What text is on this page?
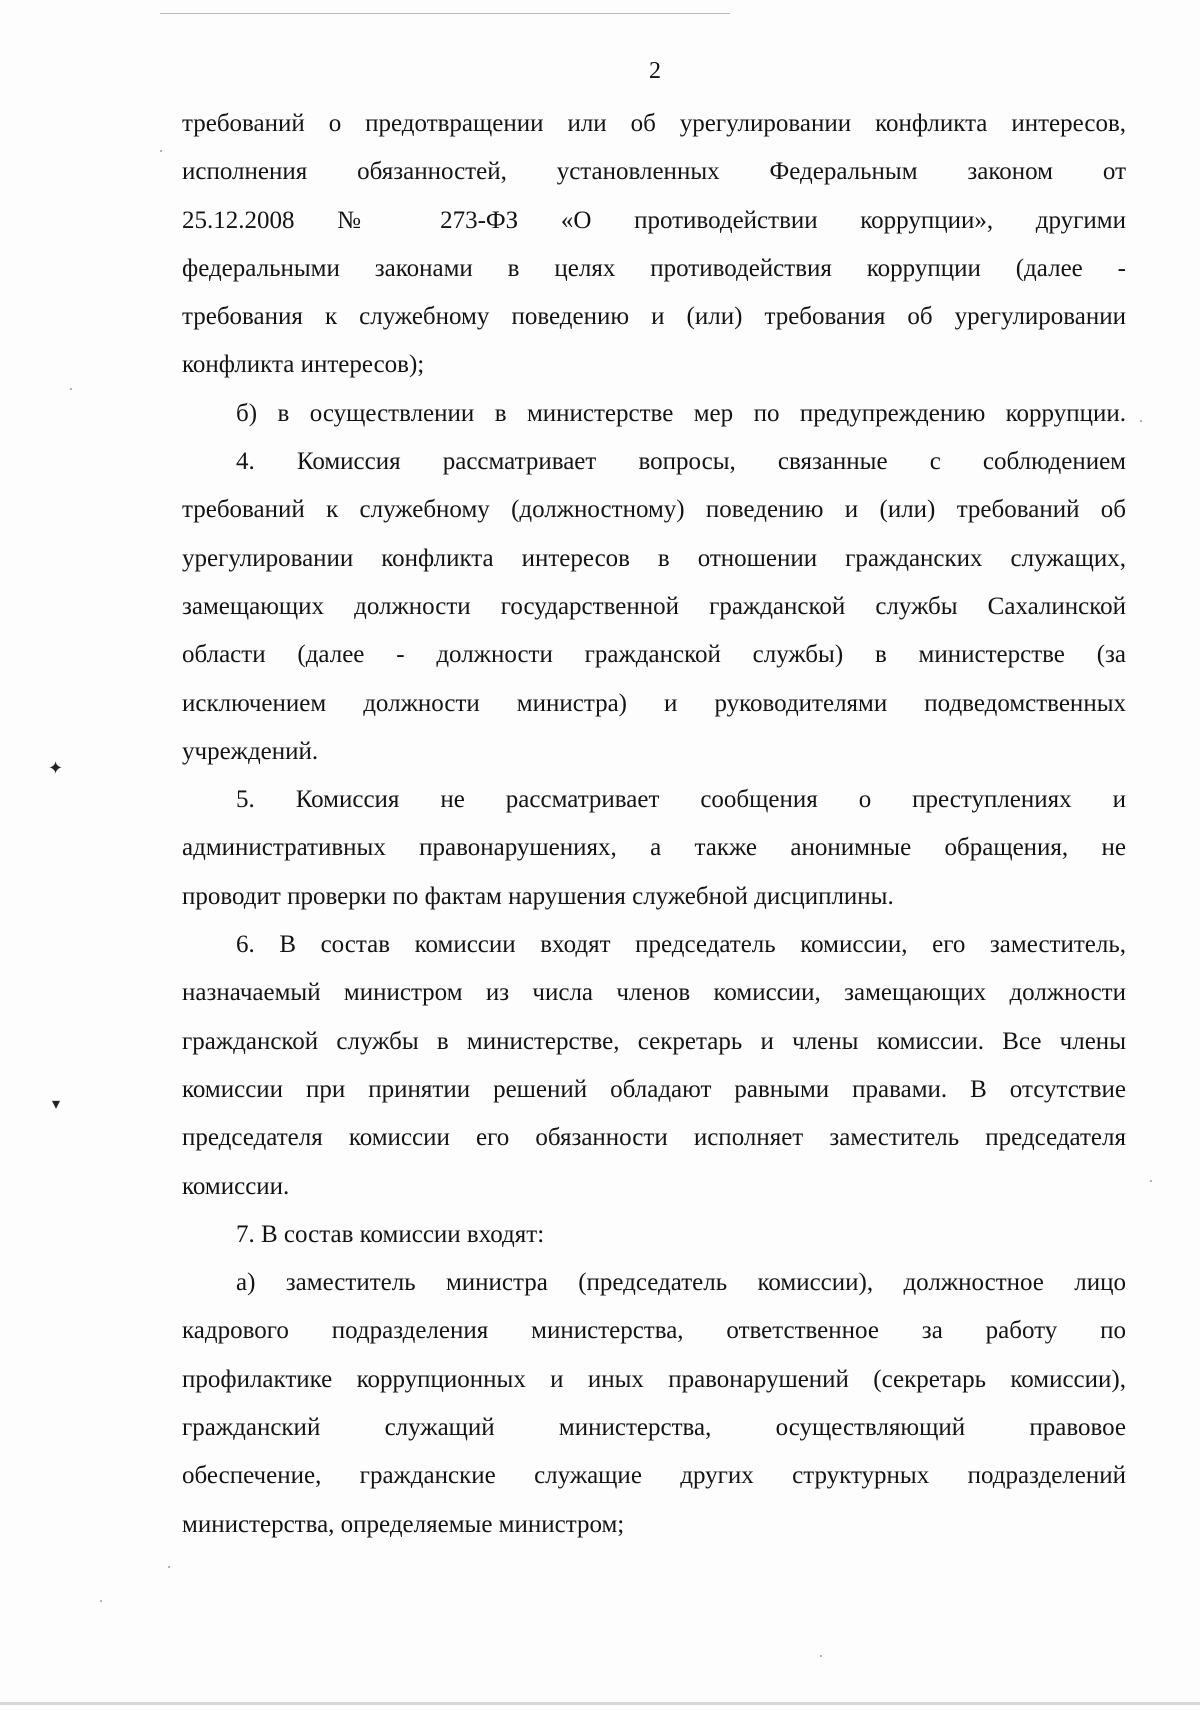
2
требований о предотвращении или об урегулировании конфликта интересов,
исполнения обязанностей, установленных Федеральным законом от
25.12.2008 № 273-ФЗ «О противодействии коррупции», другими
федеральными законами в целях противодействия коррупции (далее -
требования к служебному поведению и (или) требования об урегулировании
конфликта интересов);
б) в осуществлении в министерстве мер по предупреждению коррупции.
4. Комиссия рассматривает вопросы, связанные с соблюдением
требований к служебному (должностному) поведению и (или) требований об
урегулировании конфликта интересов в отношении гражданских служащих,
замещающих должности государственной гражданской службы Сахалинской
области (далее - должности гражданской службы) в министерстве (за
исключением должности министра) и руководителями подведомственных
учреждений.
5. Комиссия не рассматривает сообщения о преступлениях и
административных правонарушениях, а также анонимные обращения, не
проводит проверки по фактам нарушения служебной дисциплины.
6. В состав комиссии входят председатель комиссии, его заместитель,
назначаемый министром из числа членов комиссии, замещающих должности
гражданской службы в министерстве, секретарь и члены комиссии. Все члены
комиссии при принятии решений обладают равными правами. В отсутствие
председателя комиссии его обязанности исполняет заместитель председателя
комиссии.
7. В состав комиссии входят:
а) заместитель министра (председатель комиссии), должностное лицо
кадрового подразделения министерства, ответственное за работу по
профилактике коррупционных и иных правонарушений (секретарь комиссии),
гражданский служащий министерства, осуществляющий правовое
обеспечение, гражданские служащие других структурных подразделений
министерства, определяемые министром;
✦
▾
